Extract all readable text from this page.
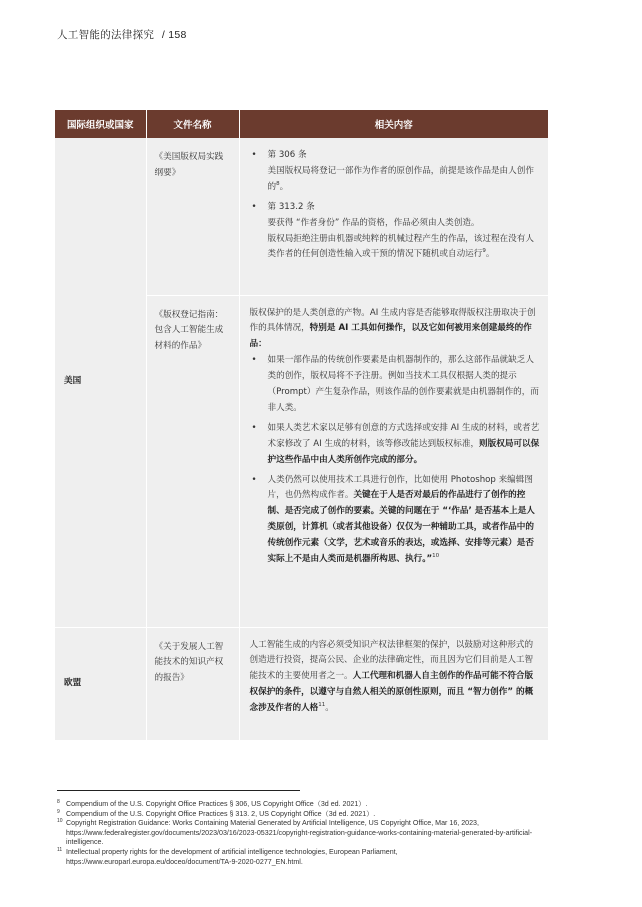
人工智能的法律探究 / 158
国际组织或国家	文件名称	相关内容
美国	《美国版权局实践纲要》	• 第 306 条
美国版权局将登记一部作为作者的原创作品，前提是该作品是由人创作的$^8$。
• 第 313.2 条
要获得 “作者身份” 作品的资格，作品必须由人类创造。
版权局拒绝注册由机器或纯粹的机械过程产生的作品，该过程在没有人类作者的任何创造性输入或干预的情况下随机或自动运行$^9$。

	《版权登记指南：包含人工智能生成材料的作品》	版权保护的是人类创意的产物。AI 生成内容是否能够取得版权注册取决于创作的具体情况，特别是 AI 工具如何操作，以及它如何被用来创建最终的作品：
• 如果一部作品的传统创作要素是由机器制作的，那么这部作品就缺乏人类的创作，版权局将不予注册。例如当技术工具仅根据人类的提示（Prompt）产生复杂作品，则该作品的创作要素就是由机器制作的，而非人类。
• 如果人类艺术家以足够有创意的方式选择或安排 AI 生成的材料，或者艺术家修改了 AI 生成的材料，该等修改能达到版权标准，则版权局可以保护这些作品中由人类所创作完成的部分。
• 人类仍然可以使用技术工具进行创作，比如使用 Photoshop 来编辑图片，也仍然构成作者。关键在于人是否对最后的作品进行了创作的控制、是否完成了创作的要素。关键的问题在于 “‘作品’ 是否基本上是人类原创，计算机（或者其他设备）仅仅为一种辅助工具，或者作品中的传统创作元素（文学，艺术或音乐的表达，或选择、安排等元素）是否实际上不是由人类而是机器所构思、执行。”$^{10}$

欧盟	《关于发展人工智能技术的知识产权的报告》	人工智能生成的内容必须受知识产权法律框架的保护，以鼓励对这种形式的创造进行投资，提高公民、企业的法律确定性，而且因为它们目前是人工智能技术的主要使用者之一。人工代理和机器人自主创作的作品可能不符合版权保护的条件，以遵守与自然人相关的原创性原则，而且 “智力创作” 的概念涉及作者的人格$^{11}$。
8 Compendium of the U.S. Copyright Office Practices § 306, US Copyright Office（3d ed. 2021）.
9 Compendium of the U.S. Copyright Office Practices § 313. 2, US Copyright Office（3d ed. 2021）.
10 Copyright Registration Guidance: Works Containing Material Generated by Artificial Intelligence, US Copyright Office, Mar 16, 2023, https://www.federalregister.gov/documents/2023/03/16/2023-05321/copyright-registration-guidance-works-containing-material-generated-by-artificial-intelligence.
11 Intellectual property rights for the development of artificial intelligence technologies, European Parliament, https://www.europarl.europa.eu/doceo/document/TA-9-2020-0277_EN.html.
